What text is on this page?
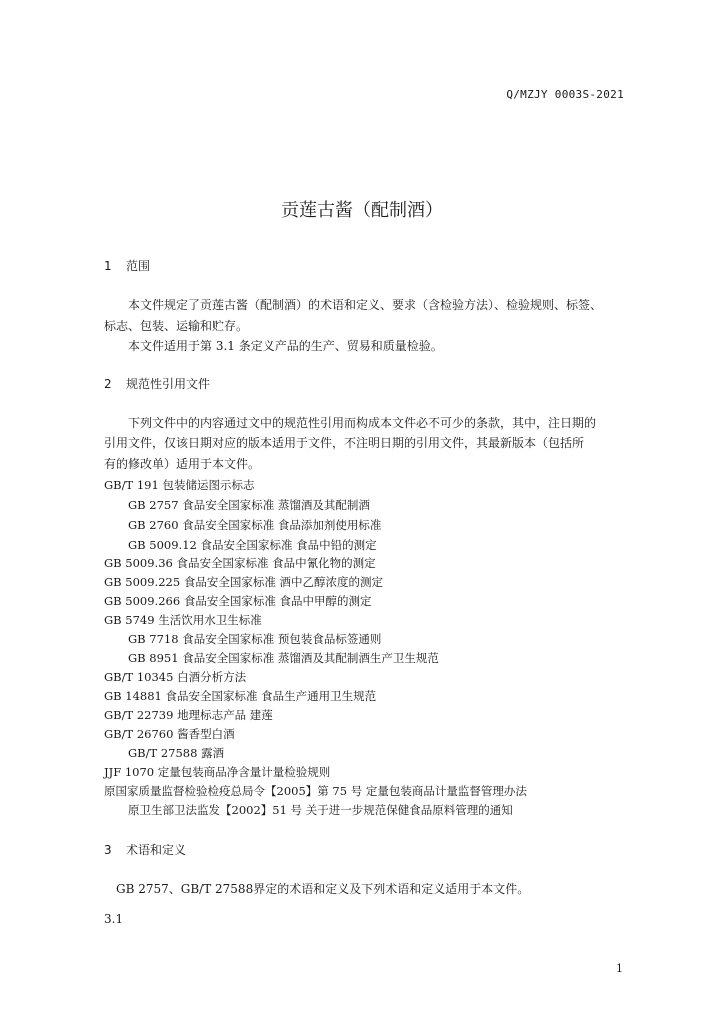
Q/MZJY 0003S-2021
贡莲古酱（配制酒）
1 范围
本文件规定了贡莲古酱（配制酒）的术语和定义、要求（含检验方法）、检验规则、标签、
标志、包装、运输和贮存。
本文件适用于第 3.1 条定义产品的生产、贸易和质量检验。
2 规范性引用文件
下列文件中的内容通过文中的规范性引用而构成本文件必不可少的条款，其中，注日期的
引用文件，仅该日期对应的版本适用于文件，不注明日期的引用文件，其最新版本（包括所
有的修改单）适用于本文件。
GB/T 191 包装储运图示标志
GB 2757 食品安全国家标准 蒸馏酒及其配制酒
GB 2760 食品安全国家标准 食品添加剂使用标准
GB 5009.12 食品安全国家标准 食品中铅的测定
GB 5009.36 食品安全国家标准 食品中氰化物的测定
GB 5009.225 食品安全国家标准 酒中乙醇浓度的测定
GB 5009.266 食品安全国家标准 食品中甲醇的测定
GB 5749 生活饮用水卫生标准
GB 7718 食品安全国家标准 预包装食品标签通则
GB 8951 食品安全国家标准 蒸馏酒及其配制酒生产卫生规范
GB/T 10345 白酒分析方法
GB 14881 食品安全国家标准 食品生产通用卫生规范
GB/T 22739 地理标志产品 建莲
GB/T 26760 酱香型白酒
GB/T 27588 露酒
JJF 1070 定量包装商品净含量计量检验规则
原国家质量监督检验检疫总局令【2005】第 75 号 定量包装商品计量监督管理办法
原卫生部卫法监发【2002】51 号 关于进一步规范保健食品原料管理的通知
3 术语和定义
GB 2757、GB/T 27588界定的术语和定义及下列术语和定义适用于本文件。
3.1
1
